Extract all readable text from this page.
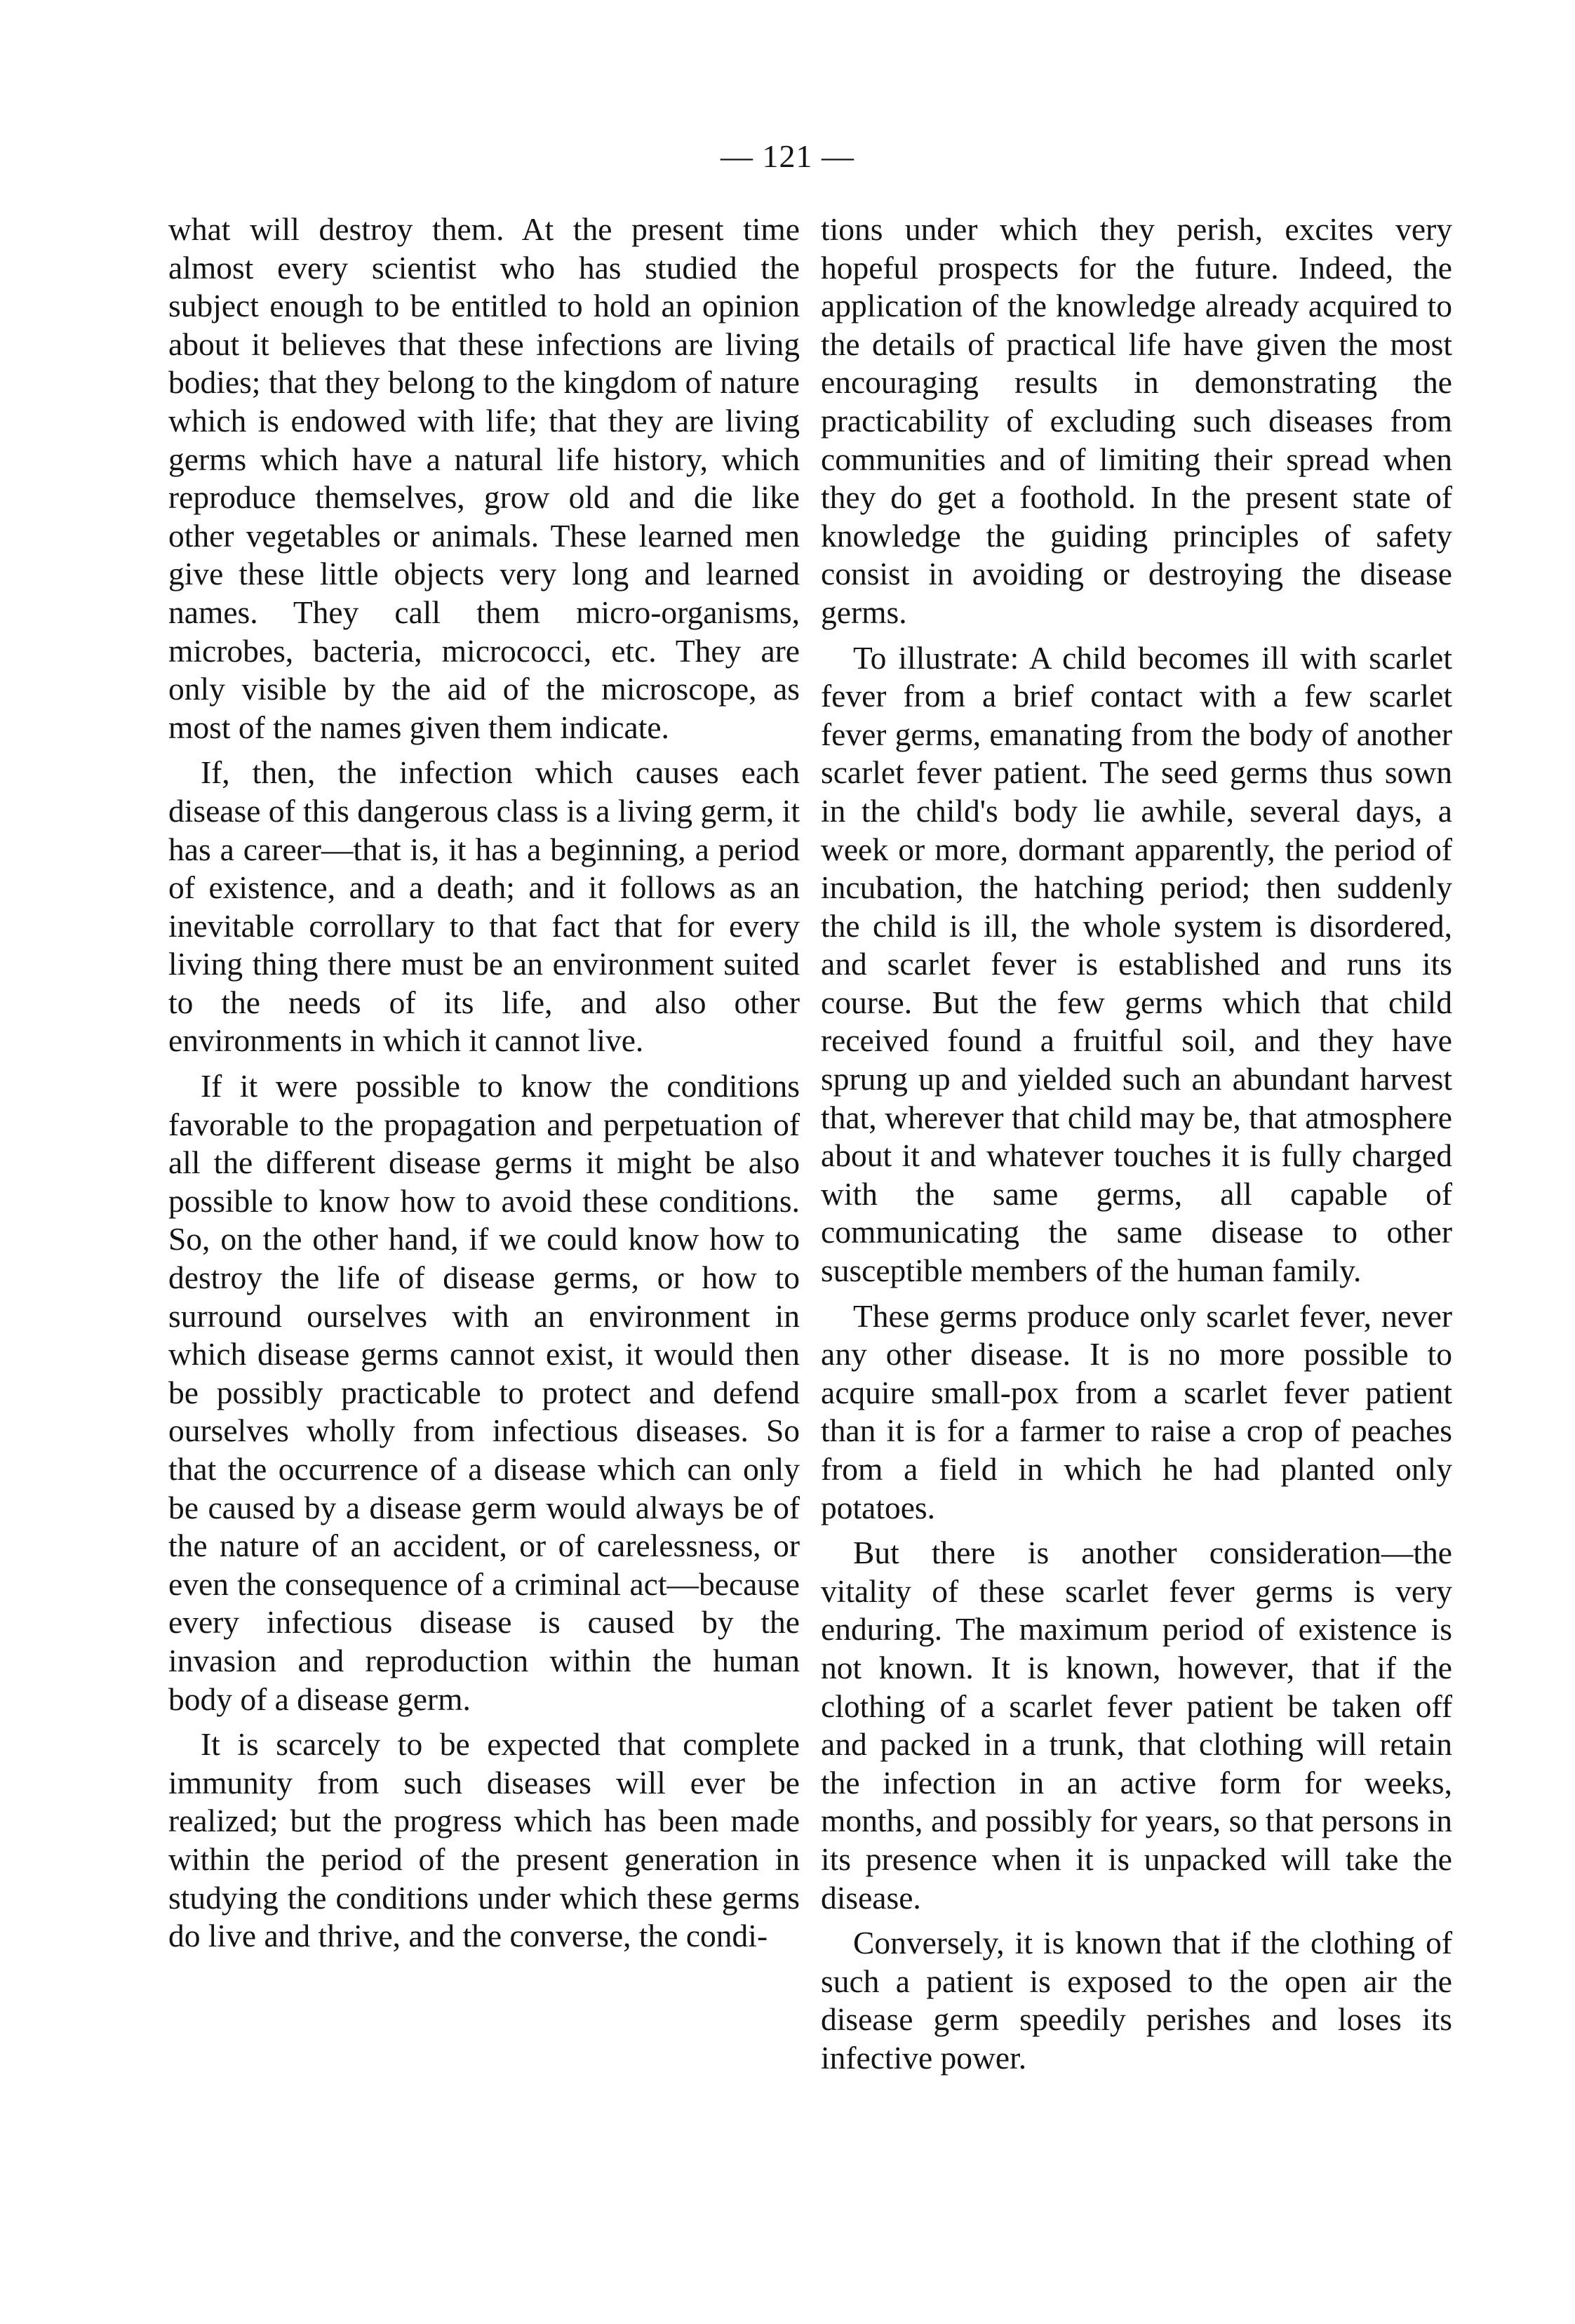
— 121 —

what will destroy them. At the present time almost every scientist who has studied the subject enough to be entitled to hold an opinion about it believes that these infections are living bodies; that they belong to the kingdom of nature which is endowed with life; that they are living germs which have a natural life history, which reproduce themselves, grow old and die like other vegetables or animals. These learned men give these little objects very long and learned names. They call them micro-organisms, microbes, bacteria, micrococci, etc. They are only visible by the aid of the microscope, as most of the names given them indicate.

If, then, the infection which causes each disease of this dangerous class is a living germ, it has a career—that is, it has a beginning, a period of existence, and a death; and it follows as an inevitable corrollary to that fact that for every living thing there must be an environment suited to the needs of its life, and also other environments in which it cannot live.

If it were possible to know the conditions favorable to the propagation and perpetuation of all the different disease germs it might be also possible to know how to avoid these conditions. So, on the other hand, if we could know how to destroy the life of disease germs, or how to surround ourselves with an environment in which disease germs cannot exist, it would then be possibly practicable to protect and defend ourselves wholly from infectious diseases. So that the occurrence of a disease which can only be caused by a disease germ would always be of the nature of an accident, or of carelessness, or even the consequence of a criminal act—because every infectious disease is caused by the invasion and reproduction within the human body of a disease germ.

It is scarcely to be expected that complete immunity from such diseases will ever be realized; but the progress which has been made within the period of the present generation in studying the conditions under which these germs do live and thrive, and the converse, the condi-

tions under which they perish, excites very hopeful prospects for the future. Indeed, the application of the knowledge already acquired to the details of practical life have given the most encouraging results in demonstrating the practicability of excluding such diseases from communities and of limiting their spread when they do get a foothold. In the present state of knowledge the guiding principles of safety consist in avoiding or destroying the disease germs.

To illustrate: A child becomes ill with scarlet fever from a brief contact with a few scarlet fever germs, emanating from the body of another scarlet fever patient. The seed germs thus sown in the child's body lie awhile, several days, a week or more, dormant apparently, the period of incubation, the hatching period; then suddenly the child is ill, the whole system is disordered, and scarlet fever is established and runs its course. But the few germs which that child received found a fruitful soil, and they have sprung up and yielded such an abundant harvest that, wherever that child may be, that atmosphere about it and whatever touches it is fully charged with the same germs, all capable of communicating the same disease to other susceptible members of the human family.

These germs produce only scarlet fever, never any other disease. It is no more possible to acquire small-pox from a scarlet fever patient than it is for a farmer to raise a crop of peaches from a field in which he had planted only potatoes.

But there is another consideration—the vitality of these scarlet fever germs is very enduring. The maximum period of existence is not known. It is known, however, that if the clothing of a scarlet fever patient be taken off and packed in a trunk, that clothing will retain the infection in an active form for weeks, months, and possibly for years, so that persons in its presence when it is unpacked will take the disease.

Conversely, it is known that if the clothing of such a patient is exposed to the open air the disease germ speedily perishes and loses its infective power.
